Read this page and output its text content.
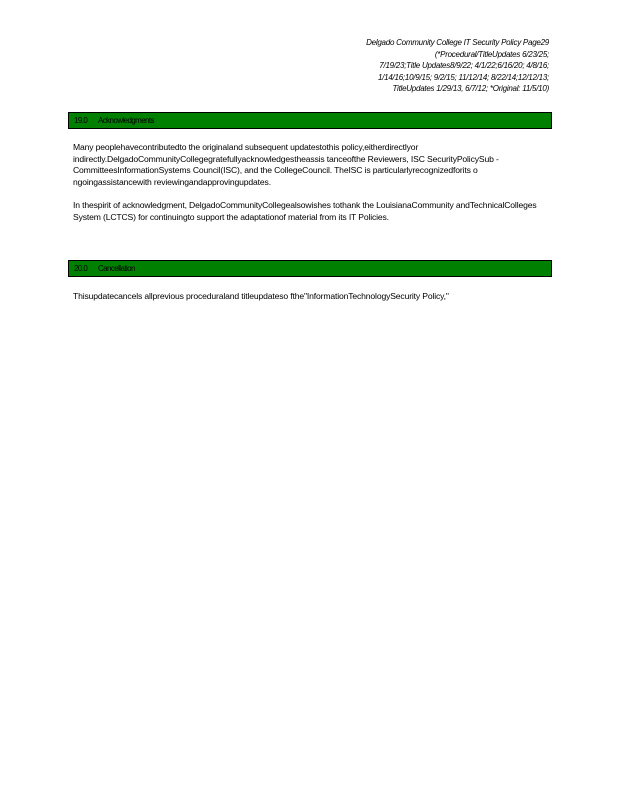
Delgado Community College IT Security Policy Page29
(*Procedural/TitleUpdates 6/23/25;
7/19/23;Title Updates8/9/22; 4/1/22;6/16/20; 4/8/16;
1/14/16;10/9/15; 9/2/15; 11/12/14; 8/22/14;12/12/13;
TitleUpdates 1/29/13, 6/7/12; *Original: 11/5/10)
19.0	Acknowledgments

Many peoplehavecontributedto the originaland subsequent updatestothis policy,eitherdirectlyor indirectly.DelgadoCommunityCollegegratefullyacknowledgestheassis tanceofthe Reviewers, ISC SecurityPolicySub -CommitteesInformationSystems Council(ISC), and the CollegeCouncil. TheISC is particularlyrecognizedforits o ngoingassistancewith reviewingandapprovingupdates.

In thespirit of acknowledgment, DelgadoCommunityCollegealsowishes tothank the LouisianaCommunity andTechnicalColleges System (LCTCS) for continuingto support the adaptationof material from its IT Policies.

20.0	Cancellation

Thisupdatecancels allprevious proceduraland titleupdateso fthe"InformationTechnologySecurity Policy,"
